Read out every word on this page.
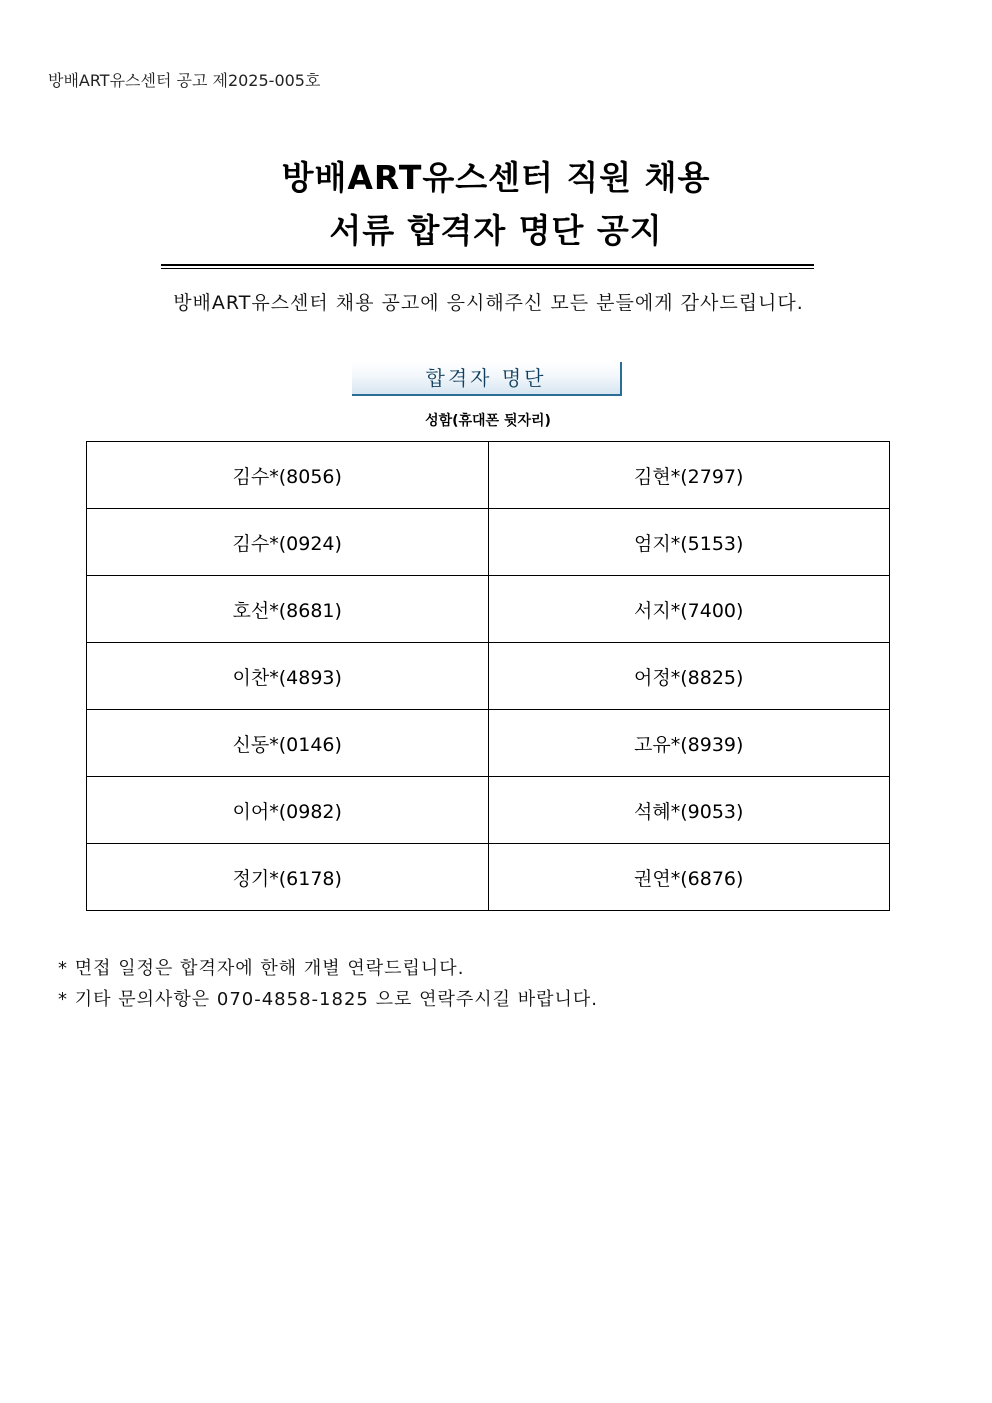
방배ART유스센터 공고 제2025-005호
방배ART유스센터 직원 채용
서류 합격자 명단 공지
방배ART유스센터 채용 공고에 응시해주신 모든 분들에게 감사드립니다.
합격자 명단
성함(휴대폰 뒷자리)
김수*(8056)	김현*(2797)
김수*(0924)	엄지*(5153)
호선*(8681)	서지*(7400)
이찬*(4893)	어정*(8825)
신동*(0146)	고유*(8939)
이어*(0982)	석혜*(9053)
정기*(6178)	권연*(6876)
* 면접 일정은 합격자에 한해 개별 연락드립니다.
* 기타 문의사항은 070-4858-1825 으로 연락주시길 바랍니다.
